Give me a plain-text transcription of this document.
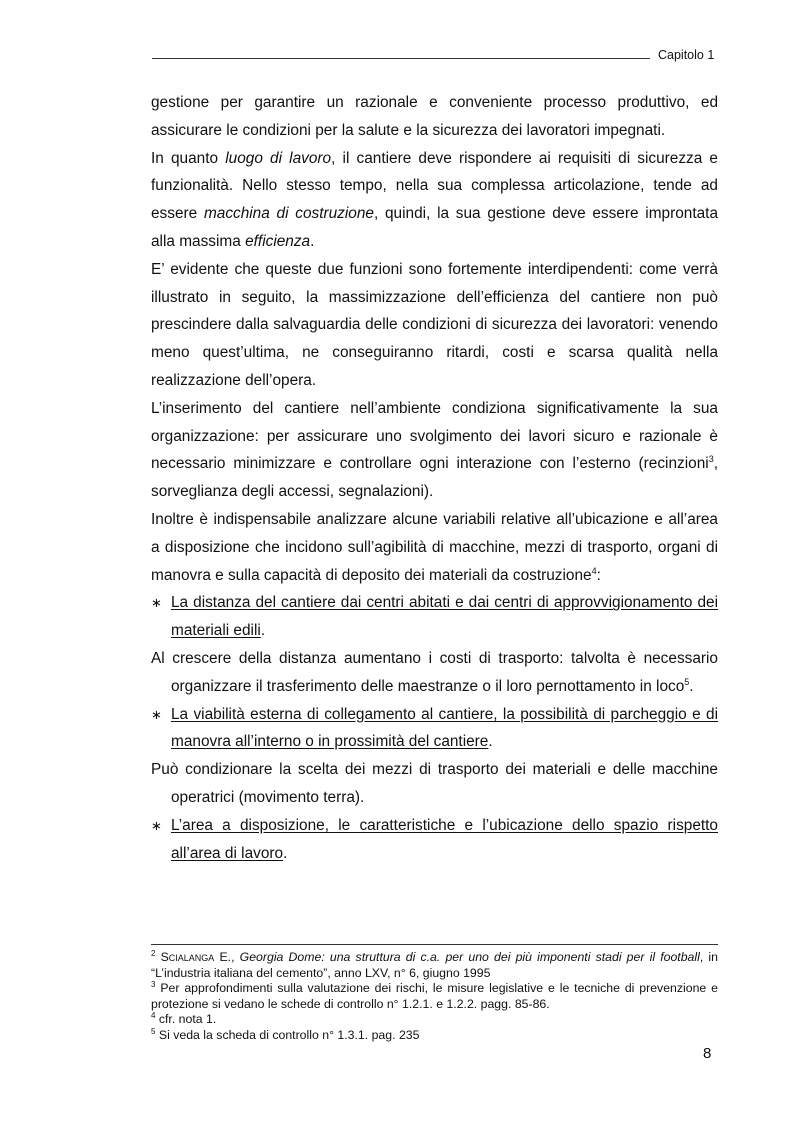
Capitolo 1

gestione per garantire un razionale e conveniente processo produttivo, ed assicurare le condizioni per la salute e la sicurezza dei lavoratori impegnati.

In quanto luogo di lavoro, il cantiere deve rispondere ai requisiti di sicurezza e funzionalità. Nello stesso tempo, nella sua complessa articolazione, tende ad essere macchina di costruzione, quindi, la sua gestione deve essere improntata alla massima efficienza.

E’ evidente che queste due funzioni sono fortemente interdipendenti: come verrà illustrato in seguito, la massimizzazione dell’efficienza del cantiere non può prescindere dalla salvaguardia delle condizioni di sicurezza dei lavoratori: venendo meno quest’ultima, ne conseguiranno ritardi, costi e scarsa qualità nella realizzazione dell’opera.

L’inserimento del cantiere nell’ambiente condiziona significativamente la sua organizzazione: per assicurare uno svolgimento dei lavori sicuro e razionale è necessario minimizzare e controllare ogni interazione con l’esterno (recinzioni$^3$, sorveglianza degli accessi, segnalazioni).

Inoltre è indispensabile analizzare alcune variabili relative all’ubicazione e all’area a disposizione che incidono sull’agibilità di macchine, mezzi di trasporto, organi di manovra e sulla capacità di deposito dei materiali da costruzione$^4$:

∗ La distanza del cantiere dai centri abitati e dai centri di approvvigionamento dei materiali edili.

Al crescere della distanza aumentano i costi di trasporto: talvolta è necessario organizzare il trasferimento delle maestranze o il loro pernottamento in loco$^5$.

∗ La viabilità esterna di collegamento al cantiere, la possibilità di parcheggio e di manovra all’interno o in prossimità del cantiere.

Può condizionare la scelta dei mezzi di trasporto dei materiali e delle macchine operatrici (movimento terra).

∗ L’area a disposizione, le caratteristiche e l’ubicazione dello spazio rispetto all’area di lavoro.

$^2$ Scialanga E., Georgia Dome: una struttura di c.a. per uno dei più imponenti stadi per il football, in “L’industria italiana del cemento”, anno LXV, n° 6, giugno 1995

$^3$ Per approfondimenti sulla valutazione dei rischi, le misure legislative e le tecniche di prevenzione e protezione si vedano le schede di controllo n° 1.2.1. e 1.2.2. pagg. 85-86.

$^4$ cfr. nota 1.

$^5$ Si veda la scheda di controllo n° 1.3.1. pag. 235

8
